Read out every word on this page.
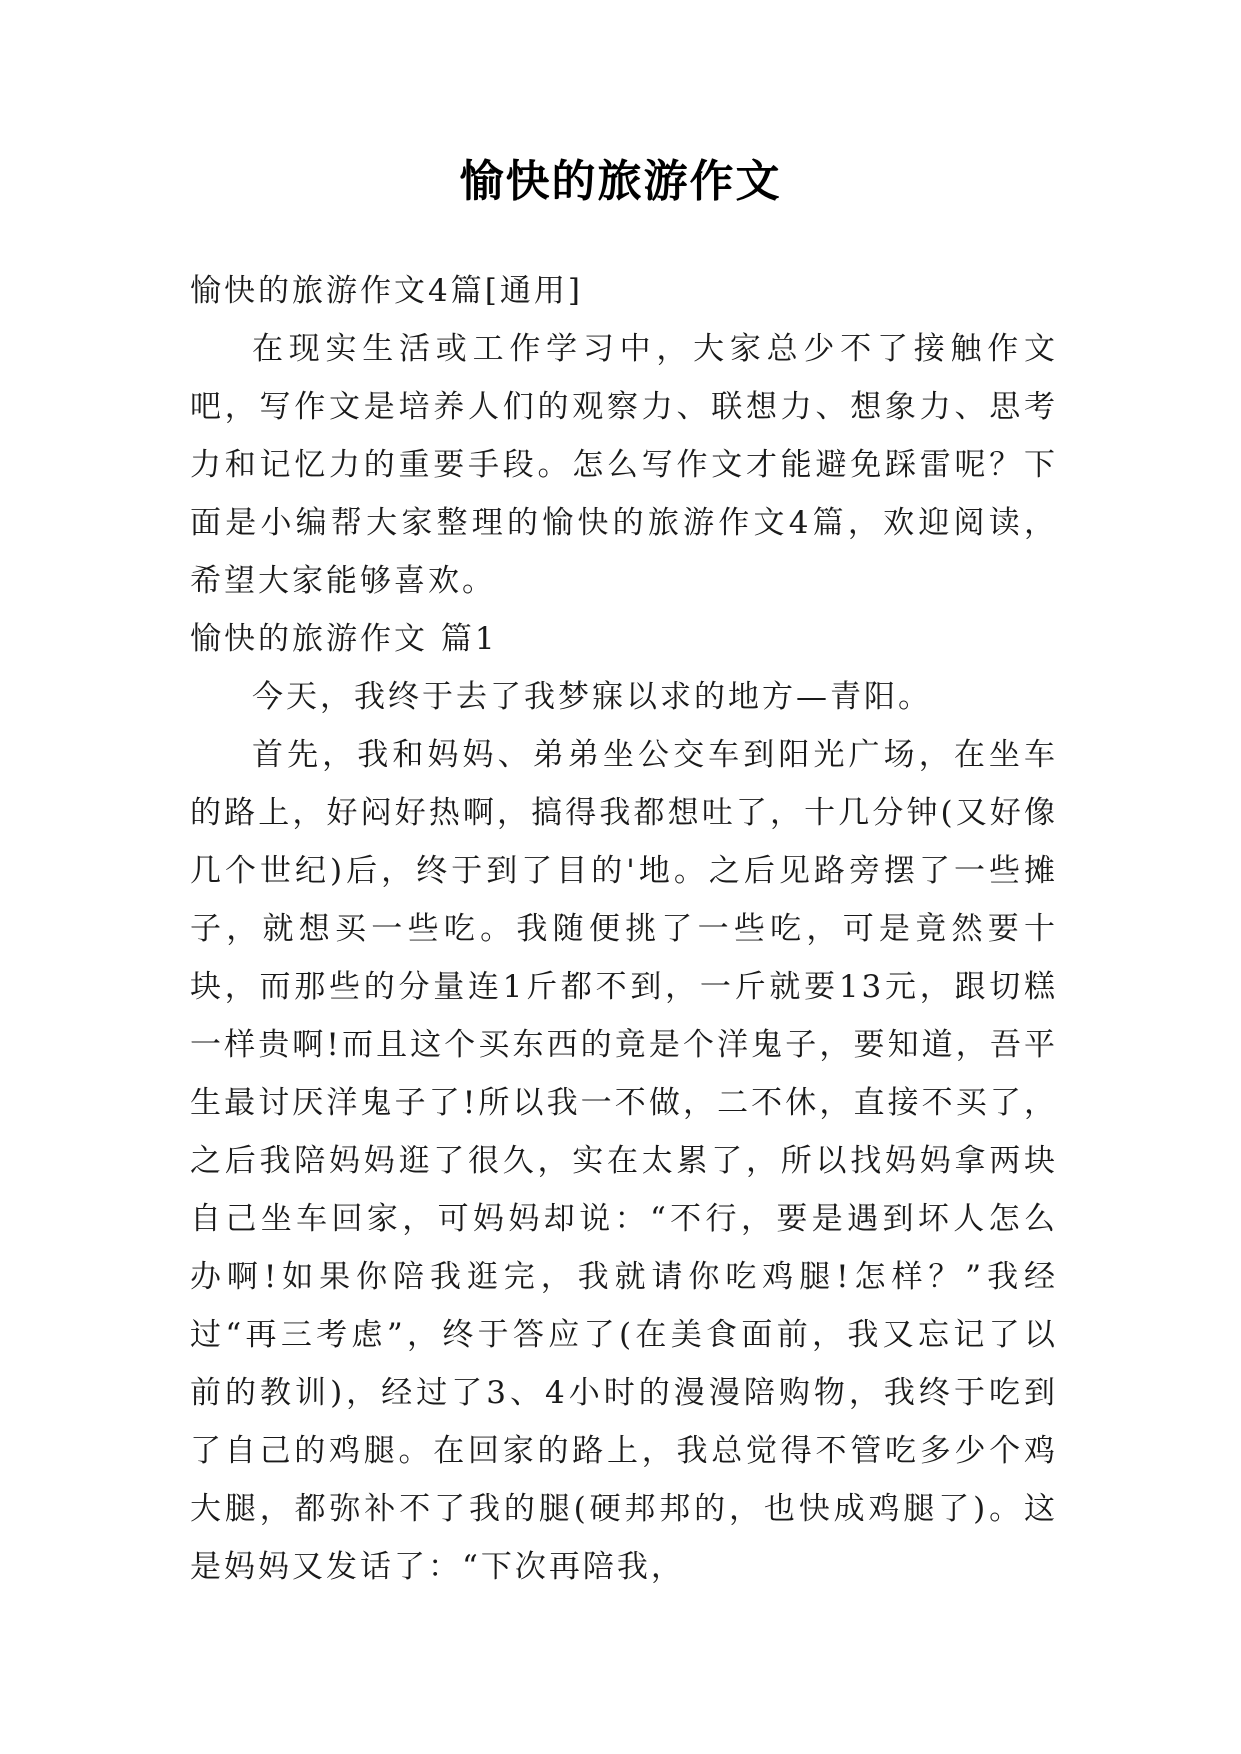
愉快的旅游作文

愉快的旅游作文4篇[通用]

在现实生活或工作学习中，大家总少不了接触作文吧，写作文是培养人们的观察力、联想力、想象力、思考力和记忆力的重要手段。怎么写作文才能避免踩雷呢？下面是小编帮大家整理的愉快的旅游作文4篇，欢迎阅读，希望大家能够喜欢。

愉快的旅游作文 篇1

今天，我终于去了我梦寐以求的地方—青阳。

首先，我和妈妈、弟弟坐公交车到阳光广场，在坐车的路上，好闷好热啊，搞得我都想吐了，十几分钟(又好像几个世纪)后，终于到了目的'地。之后见路旁摆了一些摊子，就想买一些吃。我随便挑了一些吃，可是竟然要十块，而那些的分量连1斤都不到，一斤就要13元，跟切糕一样贵啊!而且这个买东西的竟是个洋鬼子，要知道，吾平生最讨厌洋鬼子了!所以我一不做，二不休，直接不买了，之后我陪妈妈逛了很久，实在太累了，所以找妈妈拿两块自己坐车回家，可妈妈却说：“不行，要是遇到坏人怎么办啊!如果你陪我逛完，我就请你吃鸡腿!怎样？”我经过“再三考虑”，终于答应了(在美食面前，我又忘记了以前的教训)，经过了3、4小时的漫漫陪购物，我终于吃到了自己的鸡腿。在回家的路上，我总觉得不管吃多少个鸡大腿，都弥补不了我的腿(硬邦邦的，也快成鸡腿了)。这是妈妈又发话了：“下次再陪我，
